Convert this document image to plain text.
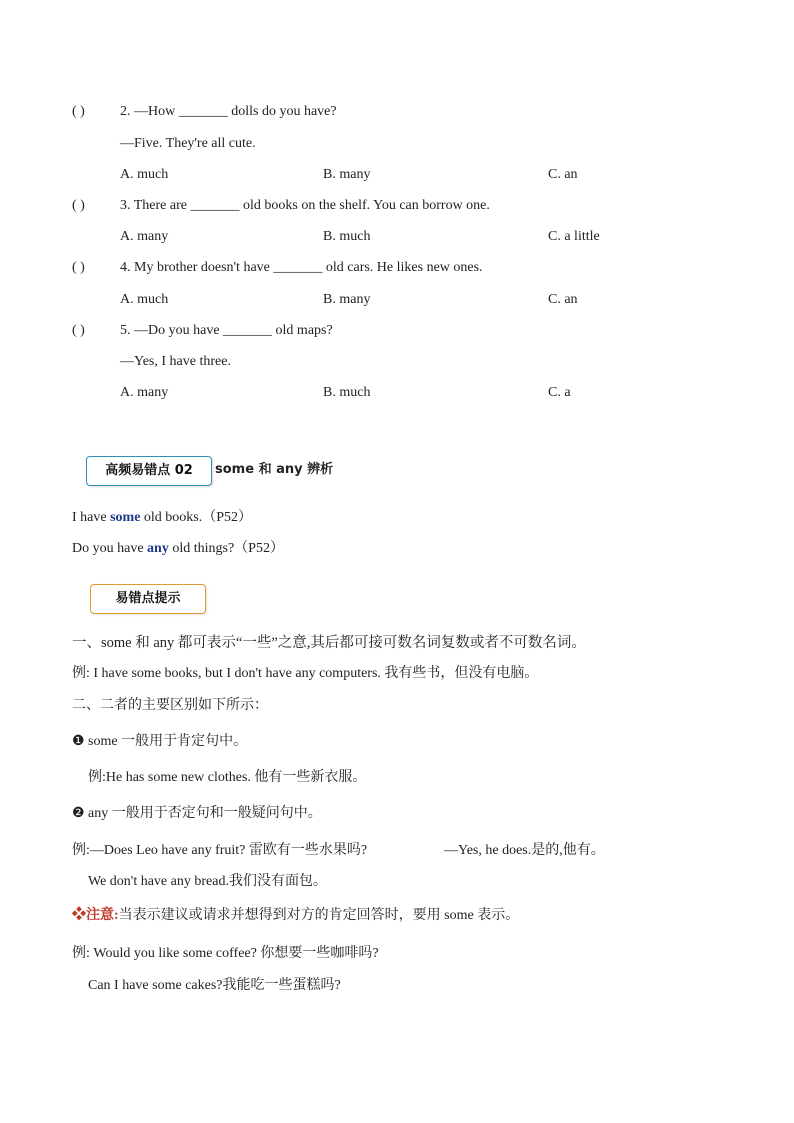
( )	2. —How _______ dolls do you have?
—Five. They're all cute.
A. much	B. many	C. an
( )	3. There are _______ old books on the shelf. You can borrow one.
A. many	B. much	C. a little
( )	4. My brother doesn't have _______ old cars. He likes new ones.
A. much	B. many	C. an
( )	5. —Do you have _______ old maps?
—Yes, I have three.
A. many	B. much	C. a
高频易错点 02	some 和 any 辨析
I have some old books.（P52）
Do you have any old things?（P52）
易错点提示
一、some 和 any 都可表示“一些”之意,其后都可接可数名词复数或者不可数名词。
例: I have some books, but I don't have any computers. 我有些书，但没有电脑。
二、二者的主要区别如下所示：
❶ some 一般用于肯定句中。
例:He has some new clothes. 他有一些新衣服。
❷ any 一般用于否定句和一般疑问句中。
例:—Does Leo have any fruit? 雷欧有一些水果吗?	—Yes, he does.是的,他有。
We don't have any bread.我们没有面包。
❖注意:当表示建议或请求并想得到对方的肯定回答时，要用 some 表示。
例: Would you like some coffee? 你想要一些咖啡吗?
Can I have some cakes?我能吃一些蛋糕吗?
